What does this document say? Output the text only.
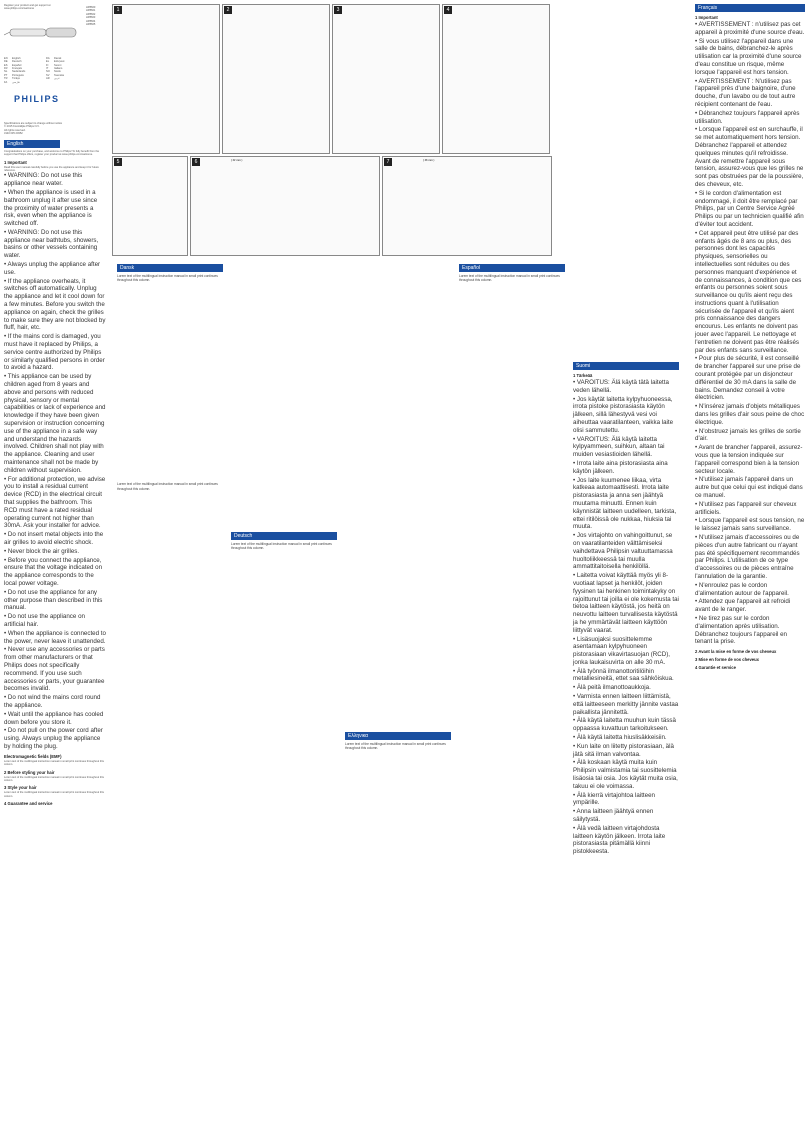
Register your product and get support at www.philips.com/welcome	HP8660
HP8661
HP8662
HP8663
HP8664
HP8665
EN	English	DA	Dansk
DE	Deutsch	EL	Ελληνικα
ES	Español	FI	Suomi
FR	Français	IT	Italiano
NL	Nederlands	NO	Norsk
PT	Português	SV	Svenska
TR	Türkçe	AR	عربي
FA	فارسی
PHILIPS
Specifications are subject to change without notice
© 2015 Koninklijke Philips N.V.
All rights reserved.
3140 035 20352
English
Congratulations on your purchase, and welcome to Philips! To fully benefit from the support that Philips offers, register your product at www.philips.com/welcome.
1 Important
Read this user manual carefully before you use the appliance and keep it for future reference.

• WARNING: Do not use this appliance near water.

• When the appliance is used in a bathroom unplug it after use since the proximity of water presents a risk, even when the appliance is switched off.

• WARNING: Do not use this appliance near bathtubs, showers, basins or other vessels containing water.

• Always unplug the appliance after use.

• If the appliance overheats, it switches off automatically. Unplug the appliance and let it cool down for a few minutes. Before you switch the appliance on again, check the grilles to make sure they are not blocked by fluff, hair, etc.

• If the mains cord is damaged, you must have it replaced by Philips, a service centre authorized by Philips or similarly qualified persons in order to avoid a hazard.

• This appliance can be used by children aged from 8 years and above and persons with reduced physical, sensory or mental capabilities or lack of experience and knowledge if they have been given supervision or instruction concerning use of the appliance in a safe way and understand the hazards involved. Children shall not play with the appliance. Cleaning and user maintenance shall not be made by children without supervision.

• For additional protection, we advise you to install a residual current device (RCD) in the electrical circuit that supplies the bathroom. This RCD must have a rated residual operating current not higher than 30mA. Ask your installer for advice.

• Do not insert metal objects into the air grilles to avoid electric shock.

• Never block the air grilles.

• Before you connect the appliance, ensure that the voltage indicated on the appliance corresponds to the local power voltage.

• Do not use the appliance for any other purpose than described in this manual.

• Do not use the appliance on artificial hair.

• When the appliance is connected to the power, never leave it unattended.

• Never use any accessories or parts from other manufacturers or that Philips does not specifically recommend. If you use such accessories or parts, your guarantee becomes invalid.

• Do not wind the mains cord round the appliance.

• Wait until the appliance has cooled down before you store it.

• Do not pull on the power cord after using. Always unplug the appliance by holding the plug.

Electromagnetic fields (EMF)
Lorem text of the multilingual instruction manual in small print continues throughout this column.
2 Before styling your hair
Lorem text of the multilingual instruction manual in small print continues throughout this column.
3 Style your hair
Lorem text of the multilingual instruction manual in small print continues throughout this column.
4 Guarantee and service
1	2	3	4
5	6	( 22 mm )	7	( 38 mm )
Dansk
Lorem text of the multilingual instruction manual in small print continues throughout this column.
Lorem text of the multilingual instruction manual in small print continues throughout this column.
Deutsch
Lorem text of the multilingual instruction manual in small print continues throughout this column.
Ελληνικα
Lorem text of the multilingual instruction manual in small print continues throughout this column.
Español
Lorem text of the multilingual instruction manual in small print continues throughout this column.
Suomi
1 Tärkeää

• VAROITUS: Älä käytä tätä laitetta veden lähellä.

• Jos käytät laitetta kylpyhuoneessa, irrota pistoke pistorasiasta käytön jälkeen, sillä lähestyvä vesi voi aiheuttaa vaaratilanteen, vaikka laite olisi sammutettu.

• VAROITUS: Älä käytä laitetta kylpyammeen, suihkun, altaan tai muiden vesiastioiden lähellä.

• Irrota laite aina pistorasiasta aina käytön jälkeen.

• Jos laite kuumenee liikaa, virta katkeaa automaattisesti. Irrota laite pistorasiasta ja anna sen jäähtyä muutama minuutti. Ennen kuin käynnistät laitteen uudelleen, tarkista, ettei ritilöissä ole nukkaa, hiuksia tai muuta.

• Jos virtajohto on vahingoittunut, se on vaaratilanteiden välttämiseksi vaihdettava Philipsin valtuuttamassa huoltoliikkeessä tai muulla ammattitaitoisella henkilöllä.

• Laitetta voivat käyttää myös yli 8-vuotiaat lapset ja henkilöt, joiden fyysinen tai henkinen toimintakyky on rajoittunut tai joilla ei ole kokemusta tai tietoa laitteen käytöstä, jos heitä on neuvottu laitteen turvallisesta käytöstä ja he ymmärtävät laitteen käyttöön liittyvät vaarat.

• Lisäsuojaksi suosittelemme asentamaan kylpyhuoneen pistorasiaan vikavirtasuojan (RCD), jonka laukaisuvirta on alle 30 mA.

• Älä työnnä ilmanottoritilöihin metalliesineitä, ettet saa sähköiskua.

• Älä peitä ilmanottoaukkoja.

• Varmista ennen laitteen liittämistä, että laitteeseen merkitty jännite vastaa paikallista jännitettä.

• Älä käytä laitetta muuhun kuin tässä oppaassa kuvattuun tarkoitukseen.

• Älä käytä laitetta hiuslisäkkeisiin.

• Kun laite on liitetty pistorasiaan, älä jätä sitä ilman valvontaa.

• Älä koskaan käytä muita kuin Philipsin valmistamia tai suosittelemia lisäosia tai osia. Jos käytät muita osia, takuu ei ole voimassa.

• Älä kierrä virtajohtoa laitteen ympärille.

• Anna laitteen jäähtyä ennen säilytystä.

• Älä vedä laitteen virtajohdosta laitteen käytön jälkeen. Irrota laite pistorasiasta pitämällä kiinni pistokkeesta.

Français
1 Important

• AVERTISSEMENT : n'utilisez pas cet appareil à proximité d'une source d'eau.

• Si vous utilisez l'appareil dans une salle de bains, débranchez-le après utilisation car la proximité d'une source d'eau constitue un risque, même lorsque l'appareil est hors tension.

• AVERTISSEMENT : N'utilisez pas l'appareil près d'une baignoire, d'une douche, d'un lavabo ou de tout autre récipient contenant de l'eau.

• Débranchez toujours l'appareil après utilisation.

• Lorsque l'appareil est en surchauffe, il se met automatiquement hors tension. Débranchez l'appareil et attendez quelques minutes qu'il refroidisse. Avant de remettre l'appareil sous tension, assurez-vous que les grilles ne sont pas obstruées par de la poussière, des cheveux, etc.

• Si le cordon d'alimentation est endommagé, il doit être remplacé par Philips, par un Centre Service Agréé Philips ou par un technicien qualifié afin d'éviter tout accident.

• Cet appareil peut être utilisé par des enfants âgés de 8 ans ou plus, des personnes dont les capacités physiques, sensorielles ou intellectuelles sont réduites ou des personnes manquant d'expérience et de connaissances, à condition que ces enfants ou personnes soient sous surveillance ou qu'ils aient reçu des instructions quant à l'utilisation sécurisée de l'appareil et qu'ils aient pris connaissance des dangers encourus. Les enfants ne doivent pas jouer avec l'appareil. Le nettoyage et l'entretien ne doivent pas être réalisés par des enfants sans surveillance.

• Pour plus de sécurité, il est conseillé de brancher l'appareil sur une prise de courant protégée par un disjoncteur différentiel de 30 mA dans la salle de bains. Demandez conseil à votre électricien.

• N'insérez jamais d'objets métalliques dans les grilles d'air sous peine de choc électrique.

• N'obstruez jamais les grilles de sortie d'air.

• Avant de brancher l'appareil, assurez-vous que la tension indiquée sur l'appareil correspond bien à la tension secteur locale.

• N'utilisez jamais l'appareil dans un autre but que celui qui est indiqué dans ce manuel.

• N'utilisez pas l'appareil sur cheveux artificiels.

• Lorsque l'appareil est sous tension, ne le laissez jamais sans surveillance.

• N'utilisez jamais d'accessoires ou de pièces d'un autre fabricant ou n'ayant pas été spécifiquement recommandés par Philips. L'utilisation de ce type d'accessoires ou de pièces entraîne l'annulation de la garantie.

• N'enroulez pas le cordon d'alimentation autour de l'appareil.

• Attendez que l'appareil ait refroidi avant de le ranger.

• Ne tirez pas sur le cordon d'alimentation après utilisation. Débranchez toujours l'appareil en tenant la prise.

2 Avant la mise en forme de vos cheveux
3 Mise en forme de vos cheveux
4 Garantie et service
